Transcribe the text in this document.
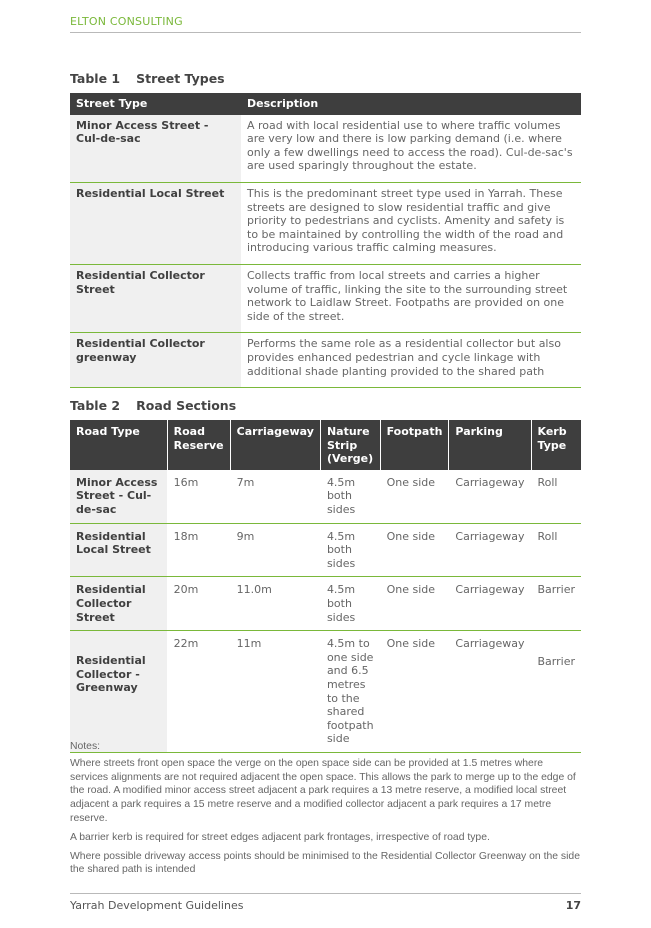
ELTON CONSULTING
Table 1 Street Types
Street Type	Description
Minor Access Street - Cul-de-sac	A road with local residential use to where traffic volumes are very low and there is low parking demand (i.e. where only a few dwellings need to access the road). Cul-de-sac's are used sparingly throughout the estate.
Residential Local Street	This is the predominant street type used in Yarrah. These streets are designed to slow residential traffic and give priority to pedestrians and cyclists. Amenity and safety is to be maintained by controlling the width of the road and introducing various traffic calming measures.
Residential Collector Street	Collects traffic from local streets and carries a higher volume of traffic, linking the site to the surrounding street network to Laidlaw Street. Footpaths are provided on one side of the street.
Residential Collector greenway	Performs the same role as a residential collector but also provides enhanced pedestrian and cycle linkage with additional shade planting provided to the shared path
Table 2 Road Sections
Road Type	Road Reserve	Carriageway	Nature Strip (Verge)	Footpath	Parking	Kerb Type
Minor Access Street - Cul-de-sac	16m	7m	4.5m both sides	One side	Carriageway	Roll
Residential Local Street	18m	9m	4.5m both sides	One side	Carriageway	Roll
Residential Collector Street	20m	11.0m	4.5m both sides	One side	Carriageway	Barrier
Residential Collector - Greenway	22m	11m	4.5m to one side and 6.5 metres to the shared footpath side	One side	Carriageway	Barrier

Notes:

Where streets front open space the verge on the open space side can be provided at 1.5 metres where services alignments are not required adjacent the open space. This allows the park to merge up to the edge of the road. A modified minor access street adjacent a park requires a 13 metre reserve, a modified local street adjacent a park requires a 15 metre reserve and a modified collector adjacent a park requires a 17 metre reserve.

A barrier kerb is required for street edges adjacent park frontages, irrespective of road type.

Where possible driveway access points should be minimised to the Residential Collector Greenway on the side the shared path is intended

Yarrah Development Guidelines	17
